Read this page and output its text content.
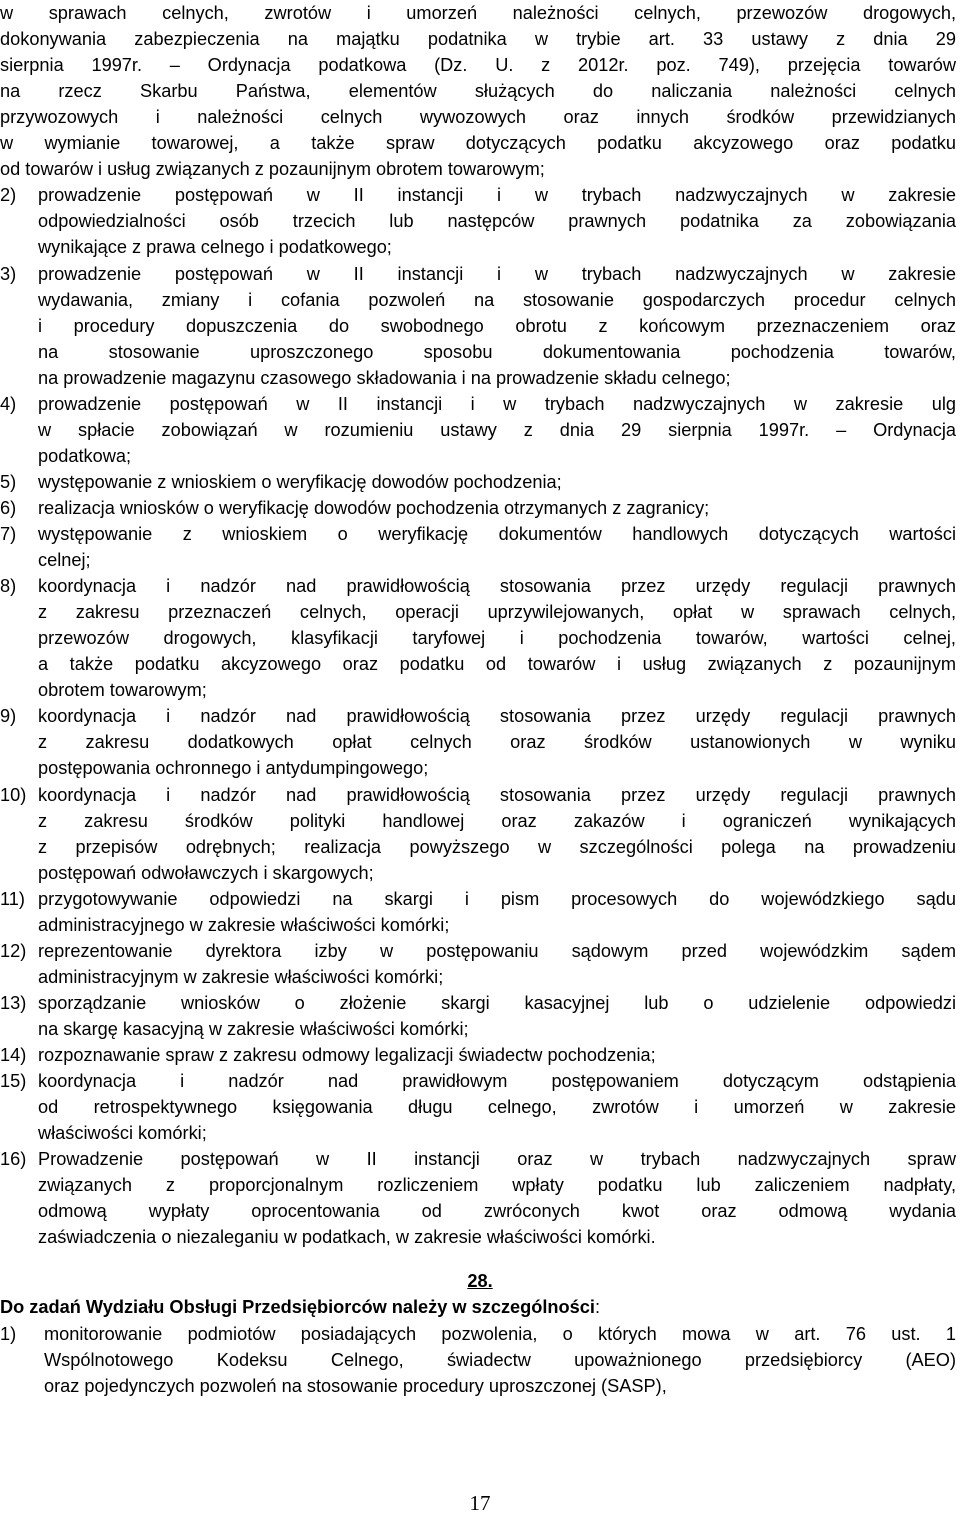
w sprawach celnych, zwrotów i umorzeń należności celnych, przewozów drogowych,
dokonywania zabezpieczenia na majątku podatnika w trybie art. 33 ustawy z dnia 29
sierpnia 1997r. – Ordynacja podatkowa (Dz. U. z 2012r. poz. 749), przejęcia towarów
na rzecz Skarbu Państwa, elementów służących do naliczania należności celnych
przywozowych i należności celnych wywozowych oraz innych środków przewidzianych
w wymianie towarowej, a także spraw dotyczących podatku akcyzowego oraz podatku
od towarów i usług związanych z pozaunijnym obrotem towarowym;
2)	prowadzenie postępowań w II instancji i w trybach nadzwyczajnych w zakresie
odpowiedzialności osób trzecich lub następców prawnych podatnika za zobowiązania
wynikające z prawa celnego i podatkowego;
3)	prowadzenie postępowań w II instancji i w trybach nadzwyczajnych w zakresie
wydawania, zmiany i cofania pozwoleń na stosowanie gospodarczych procedur celnych
i procedury dopuszczenia do swobodnego obrotu z końcowym przeznaczeniem oraz
na stosowanie uproszczonego sposobu dokumentowania pochodzenia towarów,
na prowadzenie magazynu czasowego składowania i na prowadzenie składu celnego;
4)	prowadzenie postępowań w II instancji i w trybach nadzwyczajnych w zakresie ulg
w spłacie zobowiązań w rozumieniu ustawy z dnia 29 sierpnia 1997r. – Ordynacja
podatkowa;
5)	występowanie z wnioskiem o weryfikację dowodów pochodzenia;
6)	realizacja wniosków o weryfikację dowodów pochodzenia otrzymanych z zagranicy;
7)	występowanie z wnioskiem o weryfikację dokumentów handlowych dotyczących wartości
celnej;
8)	koordynacja i nadzór nad prawidłowością stosowania przez urzędy regulacji prawnych
z zakresu przeznaczeń celnych, operacji uprzywilejowanych, opłat w sprawach celnych,
przewozów drogowych, klasyfikacji taryfowej i pochodzenia towarów, wartości celnej,
a także podatku akcyzowego oraz podatku od towarów i usług związanych z pozaunijnym
obrotem towarowym;
9)	koordynacja i nadzór nad prawidłowością stosowania przez urzędy regulacji prawnych
z zakresu dodatkowych opłat celnych oraz środków ustanowionych w wyniku
postępowania ochronnego i antydumpingowego;
10) koordynacja i nadzór nad prawidłowością stosowania przez urzędy regulacji prawnych
z zakresu środków polityki handlowej oraz zakazów i ograniczeń wynikających
z przepisów odrębnych; realizacja powyższego w szczególności polega na prowadzeniu
postępowań odwoławczych i skargowych;
11) przygotowywanie odpowiedzi na skargi i pism procesowych do wojewódzkiego sądu
administracyjnego w zakresie właściwości komórki;
12) reprezentowanie dyrektora izby w postępowaniu sądowym przed wojewódzkim sądem
administracyjnym w zakresie właściwości komórki;
13) sporządzanie wniosków o złożenie skargi kasacyjnej lub o udzielenie odpowiedzi
na skargę kasacyjną w zakresie właściwości komórki;
14) rozpoznawanie spraw z zakresu odmowy legalizacji świadectw pochodzenia;
15) koordynacja i nadzór nad prawidłowym postępowaniem dotyczącym odstąpienia
od retrospektywnego księgowania długu celnego, zwrotów i umorzeń w zakresie
właściwości komórki;
16) Prowadzenie postępowań w II instancji oraz w trybach nadzwyczajnych spraw
związanych z proporcjonalnym rozliczeniem wpłaty podatku lub zaliczeniem nadpłaty,
odmową wypłaty oprocentowania od zwróconych kwot oraz odmową wydania
zaświadczenia o niezaleganiu w podatkach, w zakresie właściwości komórki.
28.
Do zadań Wydziału Obsługi Przedsiębiorców należy w szczególności:
1)	monitorowanie podmiotów posiadających pozwolenia, o których mowa w art. 76 ust. 1
Wspólnotowego Kodeksu Celnego, świadectw upoważnionego przedsiębiorcy (AEO)
oraz pojedynczych pozwoleń na stosowanie procedury uproszczonej (SASP),
17
